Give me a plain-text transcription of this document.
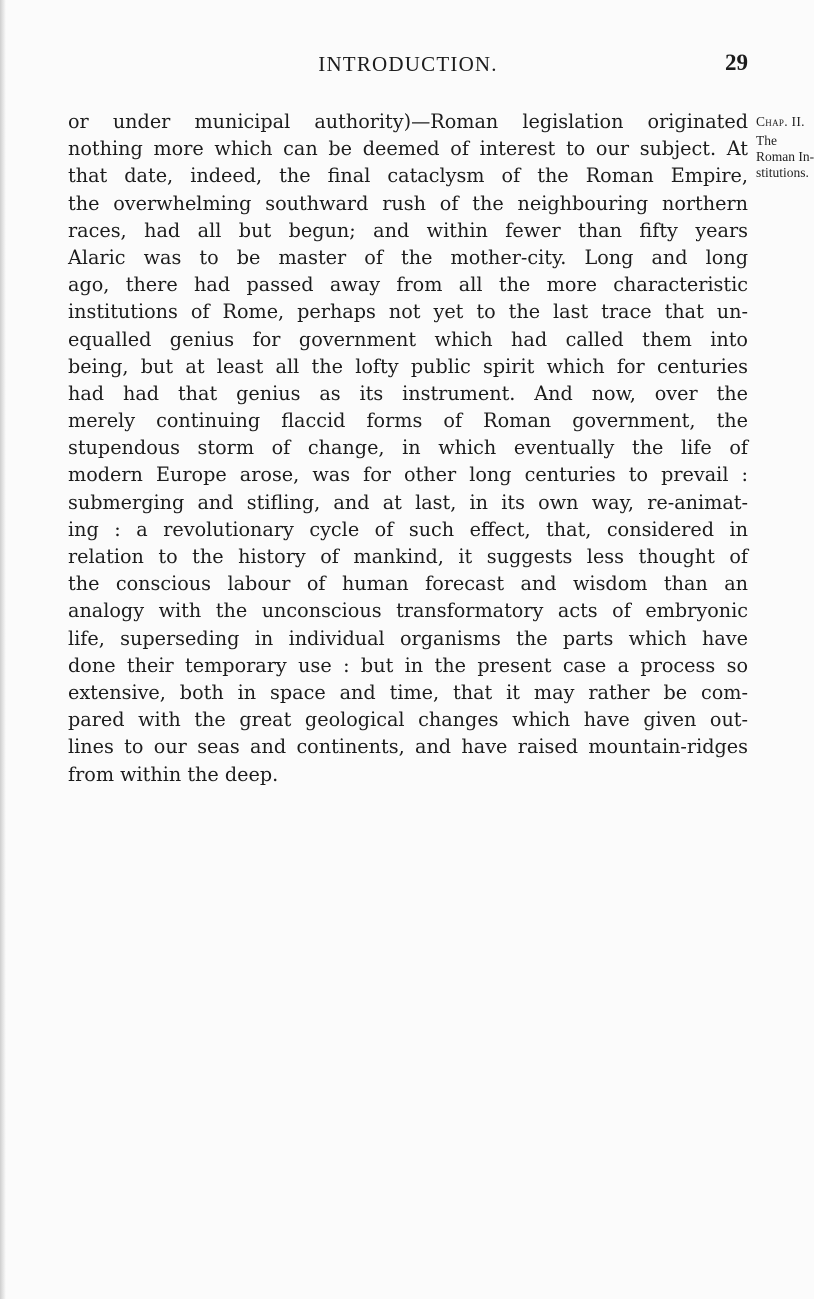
INTRODUCTION.	29
Chap. II.
The
Roman In-
stitutions.
or under municipal authority)—Roman legislation originated
nothing more which can be deemed of interest to our subject. At
that date, indeed, the final cataclysm of the Roman Empire,
the overwhelming southward rush of the neighbouring northern
races, had all but begun; and within fewer than fifty years
Alaric was to be master of the mother-city. Long and long
ago, there had passed away from all the more characteristic
institutions of Rome, perhaps not yet to the last trace that un-
equalled genius for government which had called them into
being, but at least all the lofty public spirit which for centuries
had had that genius as its instrument. And now, over the
merely continuing flaccid forms of Roman government, the
stupendous storm of change, in which eventually the life of
modern Europe arose, was for other long centuries to prevail :
submerging and stifling, and at last, in its own way, re-animat-
ing : a revolutionary cycle of such effect, that, considered in
relation to the history of mankind, it suggests less thought of
the conscious labour of human forecast and wisdom than an
analogy with the unconscious transformatory acts of embryonic
life, superseding in individual organisms the parts which have
done their temporary use : but in the present case a process so
extensive, both in space and time, that it may rather be com-
pared with the great geological changes which have given out-
lines to our seas and continents, and have raised mountain-ridges
from within the deep.
